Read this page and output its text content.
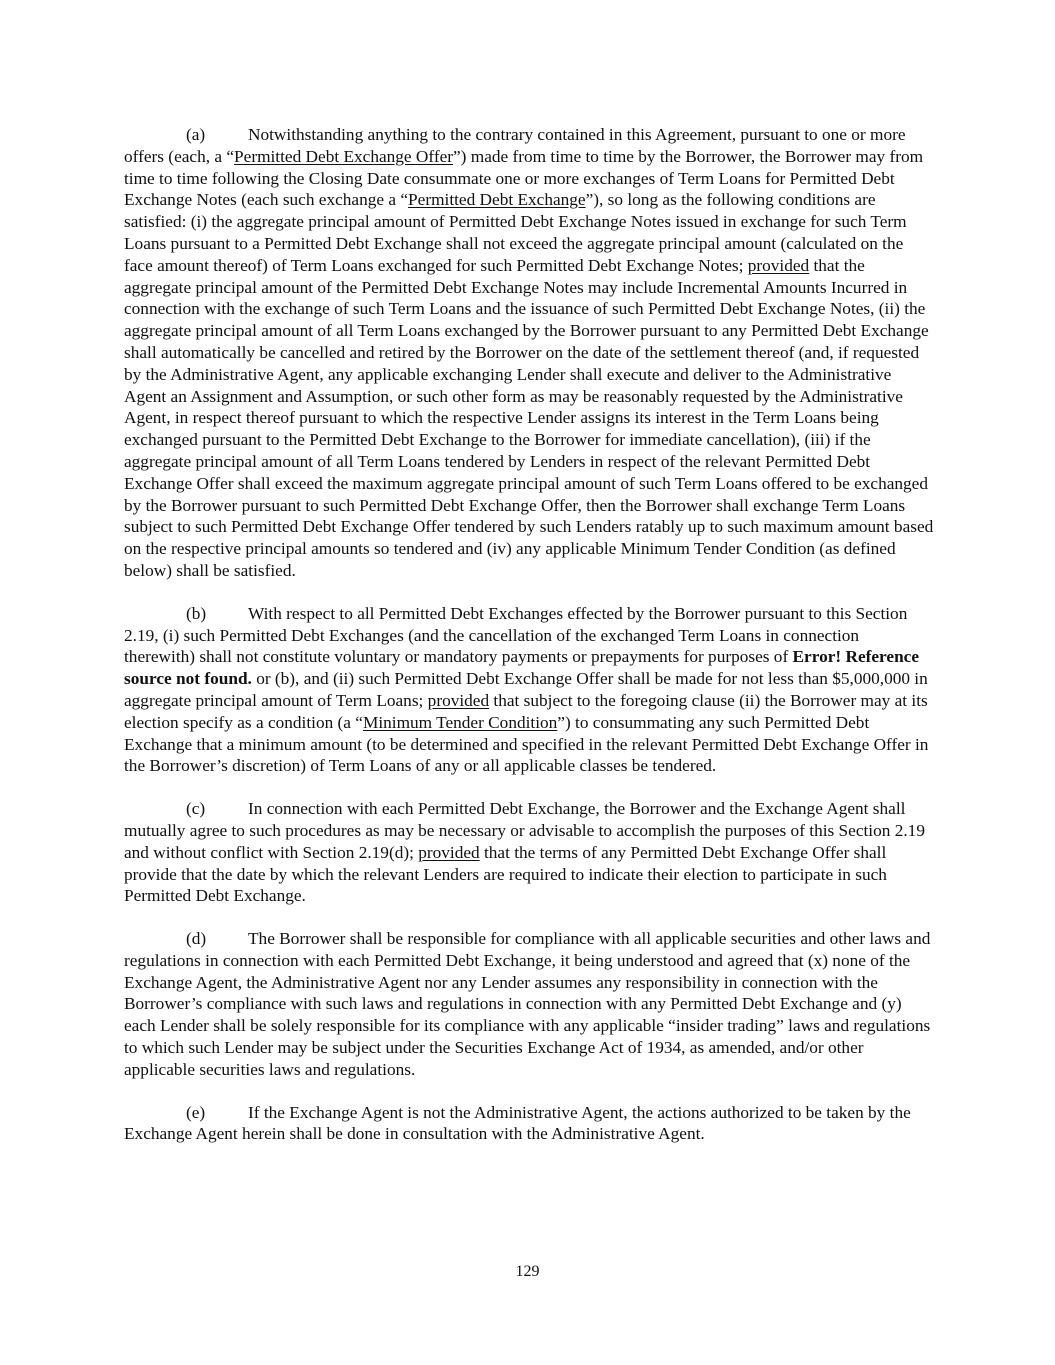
(a) Notwithstanding anything to the contrary contained in this Agreement, pursuant to one or more offers (each, a “Permitted Debt Exchange Offer”) made from time to time by the Borrower, the Borrower may from time to time following the Closing Date consummate one or more exchanges of Term Loans for Permitted Debt Exchange Notes (each such exchange a “Permitted Debt Exchange”), so long as the following conditions are satisfied: (i) the aggregate principal amount of Permitted Debt Exchange Notes issued in exchange for such Term Loans pursuant to a Permitted Debt Exchange shall not exceed the aggregate principal amount (calculated on the face amount thereof) of Term Loans exchanged for such Permitted Debt Exchange Notes; provided that the aggregate principal amount of the Permitted Debt Exchange Notes may include Incremental Amounts Incurred in connection with the exchange of such Term Loans and the issuance of such Permitted Debt Exchange Notes, (ii) the aggregate principal amount of all Term Loans exchanged by the Borrower pursuant to any Permitted Debt Exchange shall automatically be cancelled and retired by the Borrower on the date of the settlement thereof (and, if requested by the Administrative Agent, any applicable exchanging Lender shall execute and deliver to the Administrative Agent an Assignment and Assumption, or such other form as may be reasonably requested by the Administrative Agent, in respect thereof pursuant to which the respective Lender assigns its interest in the Term Loans being exchanged pursuant to the Permitted Debt Exchange to the Borrower for immediate cancellation), (iii) if the aggregate principal amount of all Term Loans tendered by Lenders in respect of the relevant Permitted Debt Exchange Offer shall exceed the maximum aggregate principal amount of such Term Loans offered to be exchanged by the Borrower pursuant to such Permitted Debt Exchange Offer, then the Borrower shall exchange Term Loans subject to such Permitted Debt Exchange Offer tendered by such Lenders ratably up to such maximum amount based on the respective principal amounts so tendered and (iv) any applicable Minimum Tender Condition (as defined below) shall be satisfied.

(b) With respect to all Permitted Debt Exchanges effected by the Borrower pursuant to this Section 2.19, (i) such Permitted Debt Exchanges (and the cancellation of the exchanged Term Loans in connection therewith) shall not constitute voluntary or mandatory payments or prepayments for purposes of Error! Reference source not found. or (b), and (ii) such Permitted Debt Exchange Offer shall be made for not less than $5,000,000 in aggregate principal amount of Term Loans; provided that subject to the foregoing clause (ii) the Borrower may at its election specify as a condition (a “Minimum Tender Condition”) to consummating any such Permitted Debt Exchange that a minimum amount (to be determined and specified in the relevant Permitted Debt Exchange Offer in the Borrower’s discretion) of Term Loans of any or all applicable classes be tendered.

(c) In connection with each Permitted Debt Exchange, the Borrower and the Exchange Agent shall mutually agree to such procedures as may be necessary or advisable to accomplish the purposes of this Section 2.19 and without conflict with Section 2.19(d); provided that the terms of any Permitted Debt Exchange Offer shall provide that the date by which the relevant Lenders are required to indicate their election to participate in such Permitted Debt Exchange.

(d) The Borrower shall be responsible for compliance with all applicable securities and other laws and regulations in connection with each Permitted Debt Exchange, it being understood and agreed that (x) none of the Exchange Agent, the Administrative Agent nor any Lender assumes any responsibility in connection with the Borrower’s compliance with such laws and regulations in connection with any Permitted Debt Exchange and (y) each Lender shall be solely responsible for its compliance with any applicable “insider trading” laws and regulations to which such Lender may be subject under the Securities Exchange Act of 1934, as amended, and/or other applicable securities laws and regulations.

(e) If the Exchange Agent is not the Administrative Agent, the actions authorized to be taken by the Exchange Agent herein shall be done in consultation with the Administrative Agent.

129
